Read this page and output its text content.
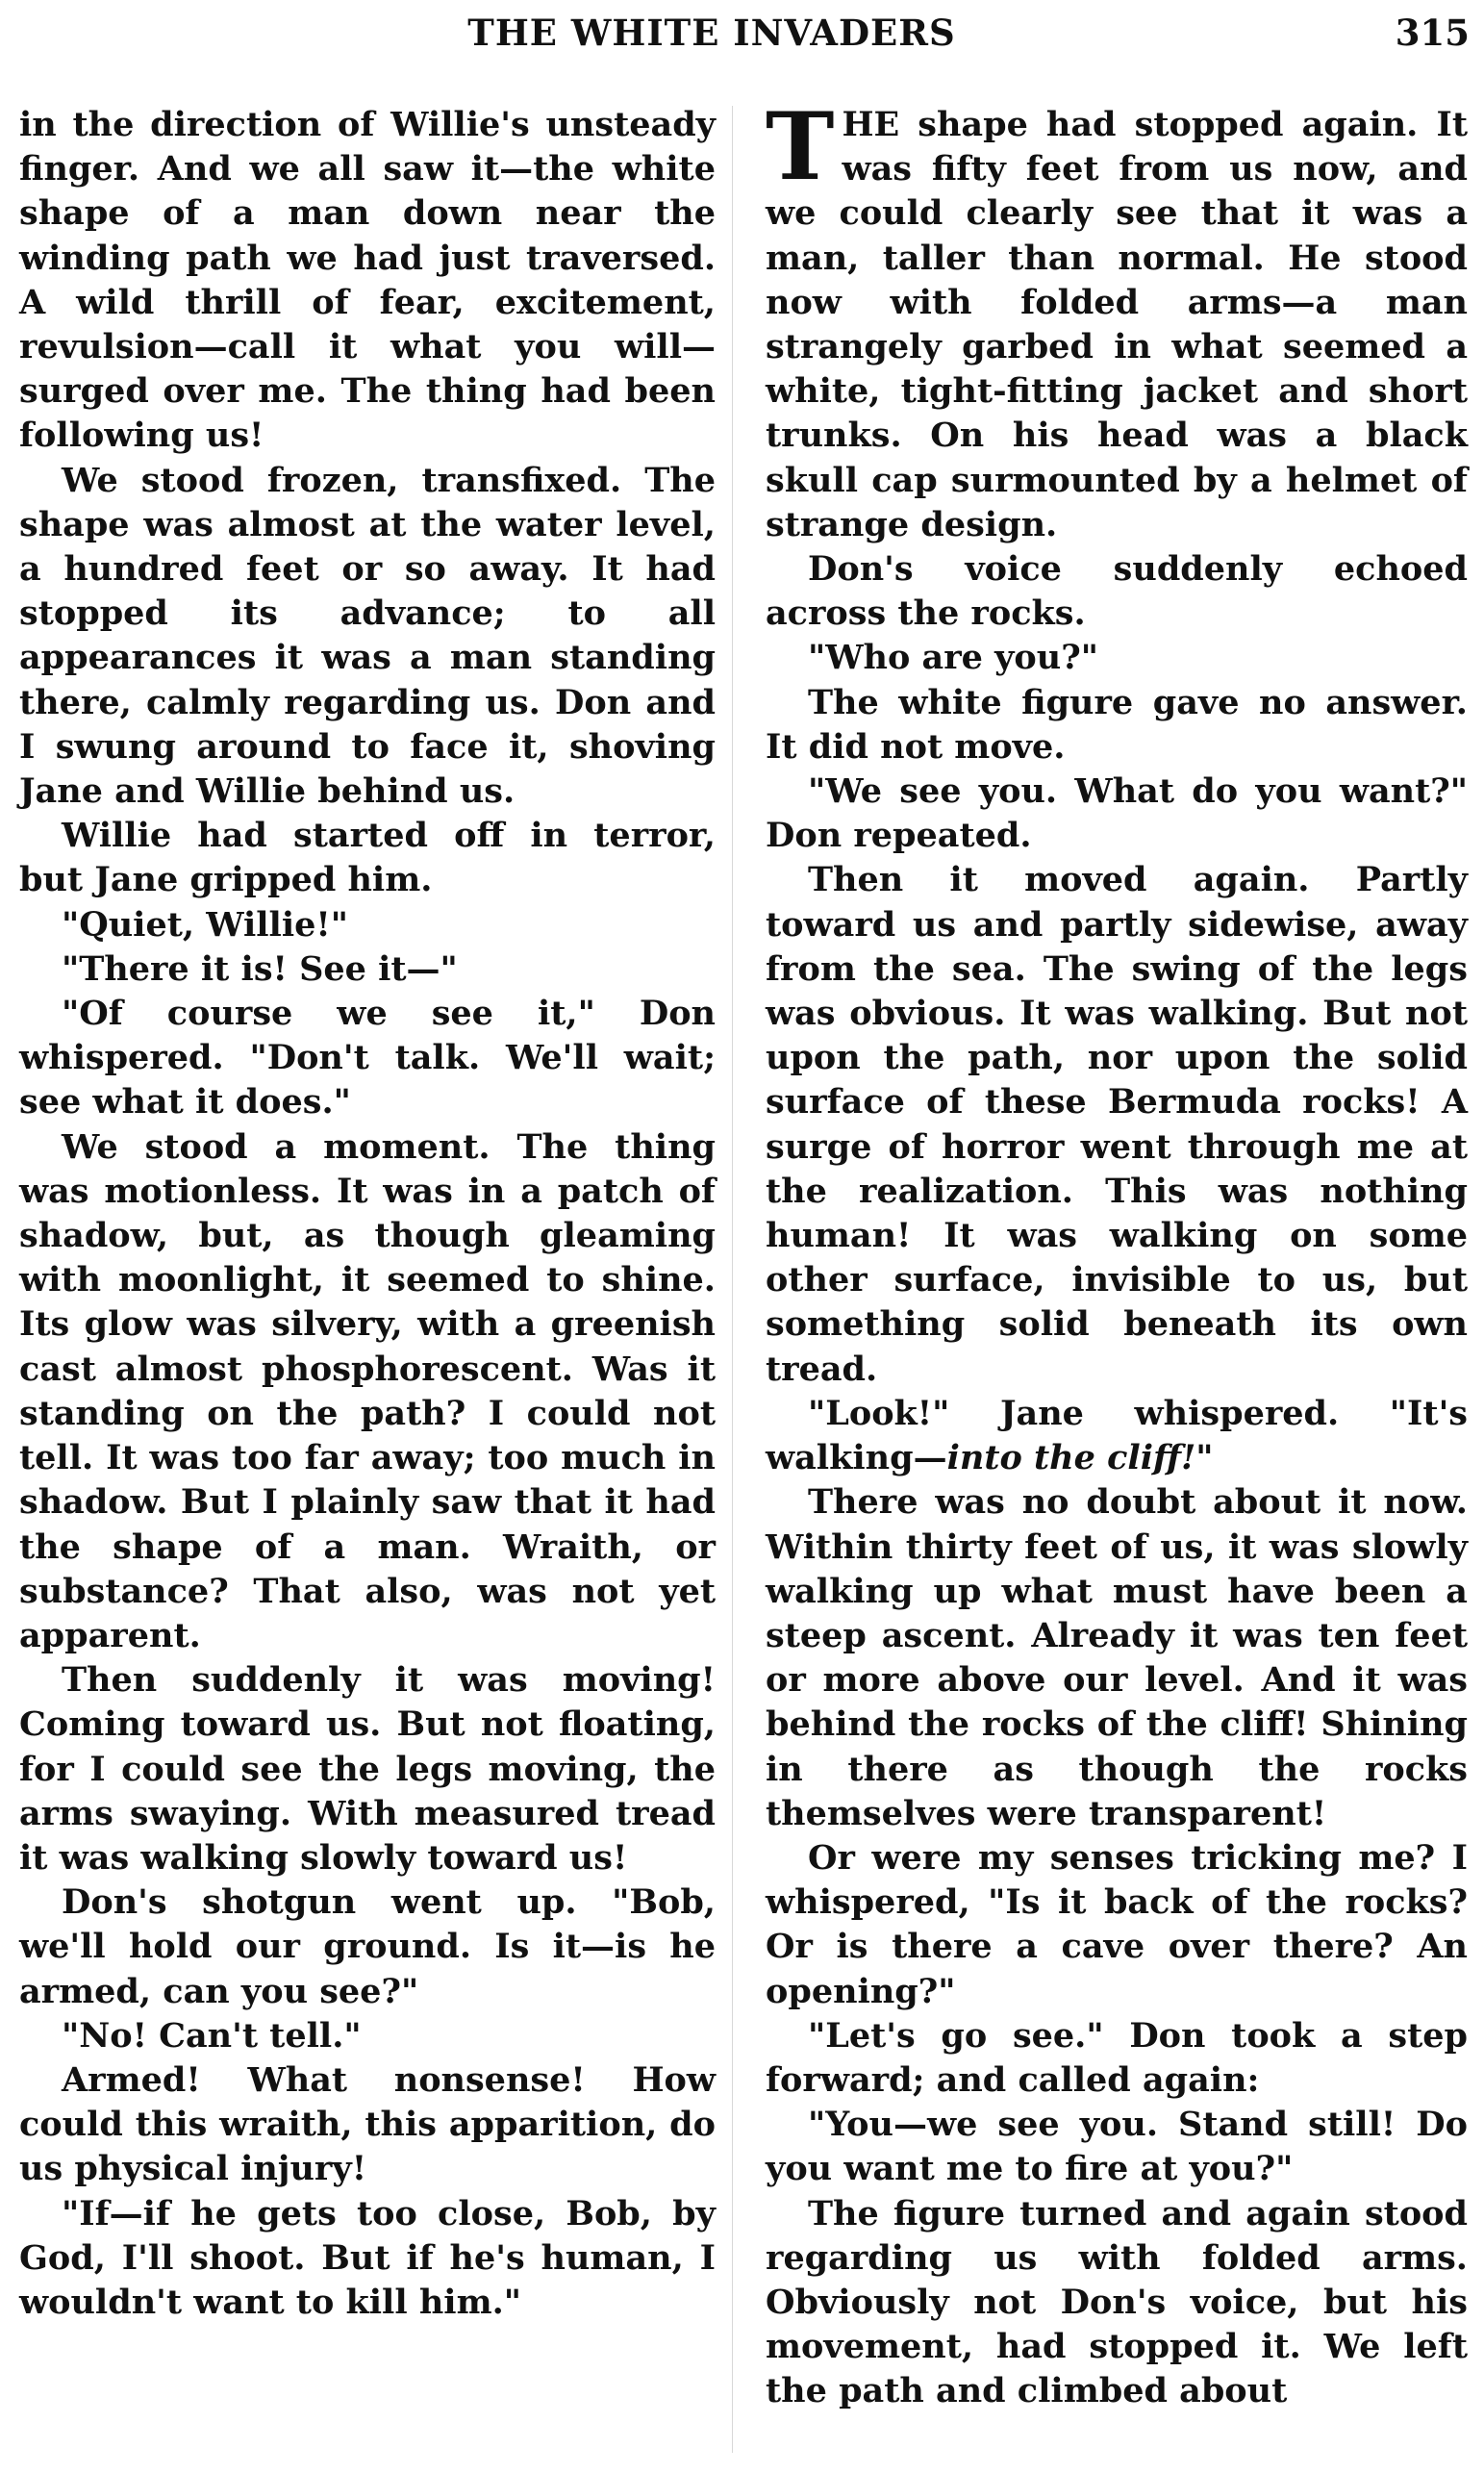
THE WHITE INVADERS	315

in the direction of Willie's unsteady finger. And we all saw it—the white shape of a man down near the winding path we had just traversed. A wild thrill of fear, excitement, revulsion—call it what you will—surged over me. The thing had been following us!

We stood frozen, transfixed. The shape was almost at the water level, a hundred feet or so away. It had stopped its advance; to all appearances it was a man standing there, calmly regarding us. Don and I swung around to face it, shoving Jane and Willie behind us.

Willie had started off in terror, but Jane gripped him.

"Quiet, Willie!"

"There it is! See it—"

"Of course we see it," Don whispered. "Don't talk. We'll wait; see what it does."

We stood a moment. The thing was motionless. It was in a patch of shadow, but, as though gleaming with moonlight, it seemed to shine. Its glow was silvery, with a greenish cast almost phosphorescent. Was it standing on the path? I could not tell. It was too far away; too much in shadow. But I plainly saw that it had the shape of a man. Wraith, or substance? That also, was not yet apparent.

Then suddenly it was moving! Coming toward us. But not floating, for I could see the legs moving, the arms swaying. With measured tread it was walking slowly toward us!

Don's shotgun went up. "Bob, we'll hold our ground. Is it—is he armed, can you see?"

"No! Can't tell."

Armed! What nonsense! How could this wraith, this apparition, do us physical injury!

"If—if he gets too close, Bob, by God, I'll shoot. But if he's human, I wouldn't want to kill him."

THE shape had stopped again. It was fifty feet from us now, and we could clearly see that it was a man, taller than normal. He stood now with folded arms—a man strangely garbed in what seemed a white, tight-fitting jacket and short trunks. On his head was a black skull cap surmounted by a helmet of strange design.

Don's voice suddenly echoed across the rocks.

"Who are you?"

The white figure gave no answer. It did not move.

"We see you. What do you want?" Don repeated.

Then it moved again. Partly toward us and partly sidewise, away from the sea. The swing of the legs was obvious. It was walking. But not upon the path, nor upon the solid surface of these Bermuda rocks! A surge of horror went through me at the realization. This was nothing human! It was walking on some other surface, invisible to us, but something solid beneath its own tread.

"Look!" Jane whispered. "It's walking—into the cliff!"

There was no doubt about it now. Within thirty feet of us, it was slowly walking up what must have been a steep ascent. Already it was ten feet or more above our level. And it was behind the rocks of the cliff! Shining in there as though the rocks themselves were transparent!

Or were my senses tricking me? I whispered, "Is it back of the rocks? Or is there a cave over there? An opening?"

"Let's go see." Don took a step forward; and called again:

"You—we see you. Stand still! Do you want me to fire at you?"

The figure turned and again stood regarding us with folded arms. Obviously not Don's voice, but his movement, had stopped it. We left the path and climbed about
